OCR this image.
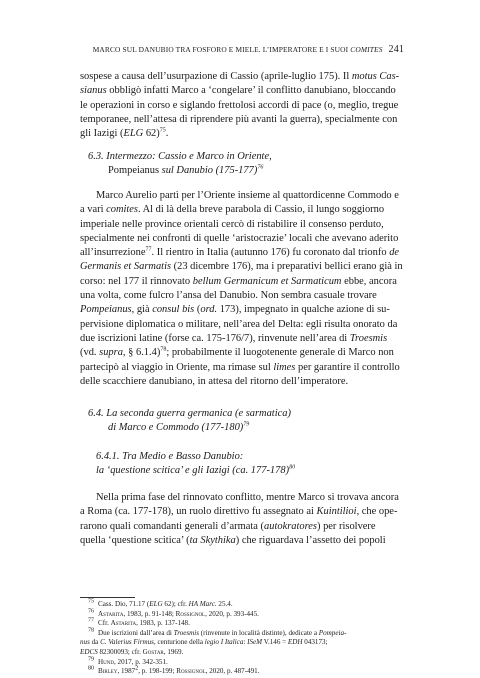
MARCO SUL DANUBIO TRA FOSFORO E MIELE. L’IMPERATORE E I SUOI COMITES 241

sospese a causa dell’usurpazione di Cassio (aprile-luglio 175). Il motus Cas-

sianus obbligò infatti Marco a ‘congelare’ il conflitto danubiano, bloccando

le operazioni in corso e siglando frettolosi accordi di pace (o, meglio, tregue

temporanee, nell’attesa di riprendere più avanti la guerra), specialmente con

gli Iazigi (ELG 62)$^{75}$.

6.3. Intermezzo: Cassio e Marco in Oriente,
Pompeianus sul Danubio $(175-177)^{76}$

Marco Aurelio partì per l’Oriente insieme al quattordicenne Commodo e

a vari comites. Al di là della breve parabola di Cassio, il lungo soggiorno

imperiale nelle province orientali cercò di ristabilire il consenso perduto,

specialmente nei confronti di quelle ‘aristocrazie’ locali che avevano aderito

all’insurrezione$^{77}$. Il rientro in Italia (autunno 176) fu coronato dal trionfo de

Germanis et Sarmatis (23 dicembre 176), ma i preparativi bellici erano già in

corso: nel 177 il rinnovato bellum Germanicum et Sarmaticum ebbe, ancora

una volta, come fulcro l’ansa del Danubio. Non sembra casuale trovare

Pompeianus, già consul bis (ord. 173), impegnato in qualche azione di su-

pervisione diplomatica o militare, nell’area del Delta: egli risulta onorato da

due iscrizioni latine (forse ca. 175-176/7), rinvenute nell’area di Troesmis

(vd. supra, § 6.1.4)$^{78}$; probabilmente il luogotenente generale di Marco non

partecipò al viaggio in Oriente, ma rimase sul limes per garantire il controllo

delle scacchiere danubiano, in attesa del ritorno dell’imperatore.

6.4. La seconda guerra germanica (e sarmatica)
di Marco e Commodo $(177-180)^{79}$
6.4.1. Tra Medio e Basso Danubio:
la ‘questione scitica’ e gli Iazigi (ca. 177-178)$^{80}$

Nella prima fase del rinnovato conflitto, mentre Marco si trovava ancora

a Roma (ca. 177-178), un ruolo direttivo fu assegnato ai Kuintilioi, che ope-

rarono quali comandanti generali d’armata (autokratores) per risolvere

quella ‘questione scitica’ (ta Skythika) che riguardava l’assetto dei popoli

$^{75}$ Cass. Dio, 71.17 (ELG 62); cfr. HA Marc. 25.4.
$^{76}$ Astarita, 1983, p. 91-148; Rossignol, 2020, p. 393-445.
$^{77}$ Cfr. Astarita, 1983, p. 137-148.
$^{78}$ Due iscrizioni dall’area di Troesmis (rinvenute in località distinte), dedicate a Pompeia-
nus da C. Valerius Firmus, centurione della legio I Italica: ISeM V.146 = EDH 043173;
EDCS 82300093; cfr. Gostar, 1969.
$^{79}$ Hund, 2017, p. 342-351.
$^{80}$ Birley, 1987$^2$, p. 198-199; Rossignol, 2020, p. 487-491.
